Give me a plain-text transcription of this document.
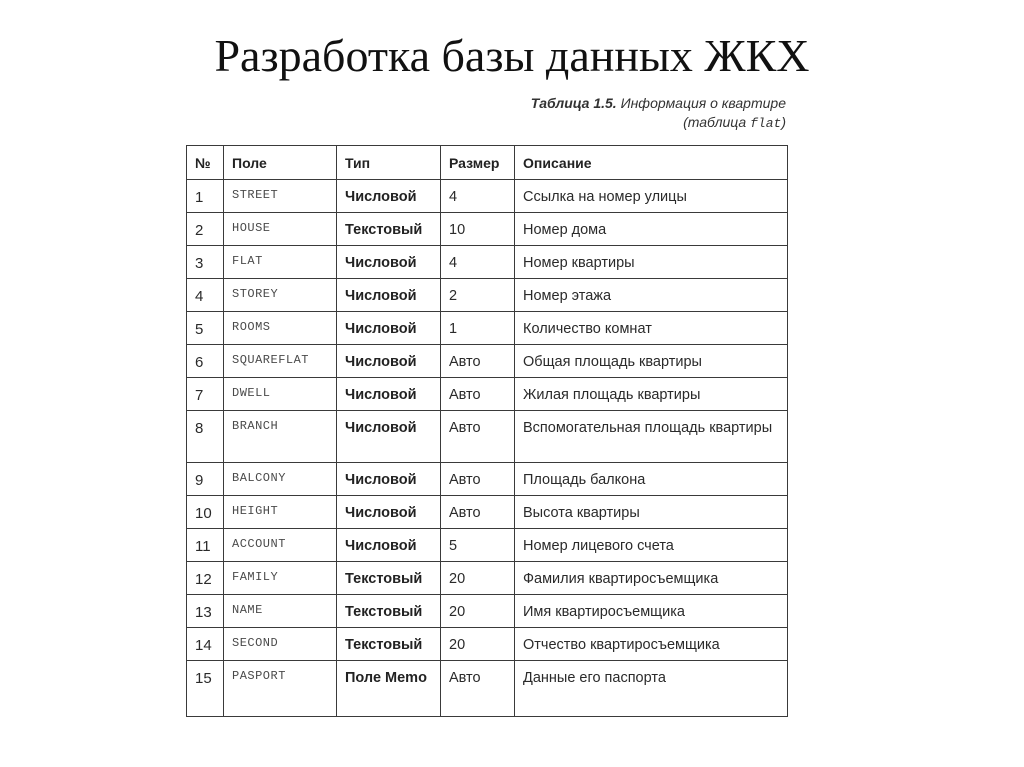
Разработка базы данных ЖКХ
Таблица 1.5. Информация о квартире
(таблица flat)
№	Поле	Тип	Размер	Описание
1	STREET	Числовой	4	Ссылка на номер улицы
2	HOUSE	Текстовый	10	Номер дома
3	FLAT	Числовой	4	Номер квартиры
4	STOREY	Числовой	2	Номер этажа
5	ROOMS	Числовой	1	Количество комнат
6	SQUAREFLAT	Числовой	Авто	Общая площадь квартиры
7	DWELL	Числовой	Авто	Жилая площадь квартиры
8	BRANCH	Числовой	Авто	Вспомогательная площадь квартиры
9	BALCONY	Числовой	Авто	Площадь балкона
10	HEIGHT	Числовой	Авто	Высота квартиры
11	ACCOUNT	Числовой	5	Номер лицевого счета
12	FAMILY	Текстовый	20	Фамилия квартиросъемщика
13	NAME	Текстовый	20	Имя квартиросъемщика
14	SECOND	Текстовый	20	Отчество квартиросъемщика
15	PASPORT	Поле Memo	Авто	Данные его паспорта
